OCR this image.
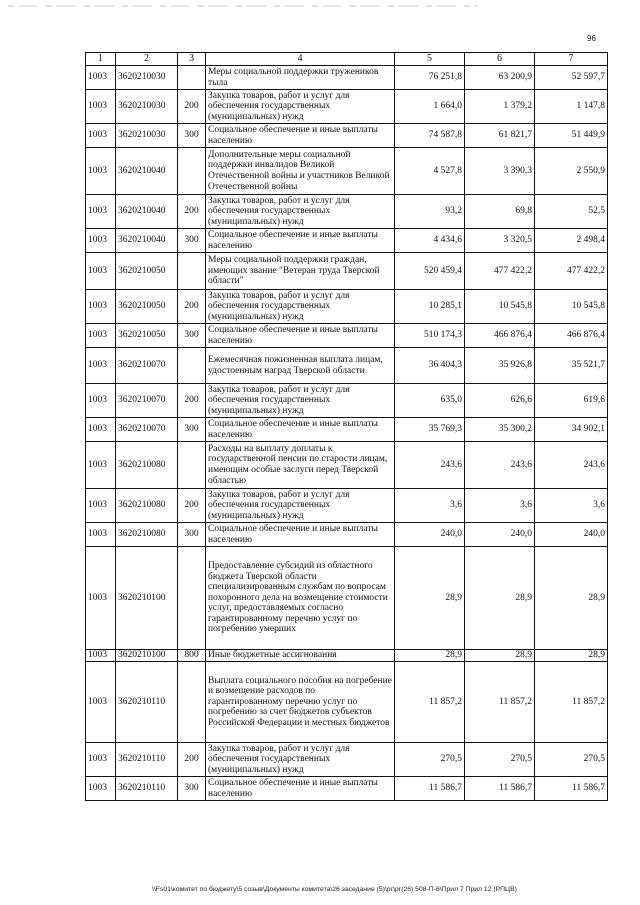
96
1	2	3	4	5	6	7
1003	3620210030		Меры социальной поддержки тружеников тыла	76 251,8	63 200,9	52 597,7
1003	3620210030	200	Закупка товаров, работ и услуг для обеспечения государственных (муниципальных) нужд	1 664,0	1 379,2	1 147,8
1003	3620210030	300	Социальное обеспечение и иные выплаты населению	74 587,8	61 821,7	51 449,9
1003	3620210040		Дополнительные меры социальной поддержки инвалидов Великой Отечественной войны и участников Великой Отечественной войны	4 527,8	3 390,3	2 550,9
1003	3620210040	200	Закупка товаров, работ и услуг для обеспечения государственных (муниципальных) нужд	93,2	69,8	52,5
1003	3620210040	300	Социальное обеспечение и иные выплаты населению	4 434,6	3 320,5	2 498,4
1003	3620210050		Меры социальной поддержки граждан, имеющих звание "Ветеран труда Тверской области"	520 459,4	477 422,2	477 422,2
1003	3620210050	200	Закупка товаров, работ и услуг для обеспечения государственных (муниципальных) нужд	10 285,1	10 545,8	10 545,8
1003	3620210050	300	Социальное обеспечение и иные выплаты населению	510 174,3	466 876,4	466 876,4
1003	3620210070		Ежемесячная пожизненная выплата лицам, удостоенным наград Тверской области	36 404,3	35 926,8	35 521,7
1003	3620210070	200	Закупка товаров, работ и услуг для обеспечения государственных (муниципальных) нужд	635,0	626,6	619,6
1003	3620210070	300	Социальное обеспечение и иные выплаты населению	35 769,3	35 300,2	34 902,1
1003	3620210080		Расходы на выплату доплаты к государственной пенсии по старости лицам, имеющим особые заслуги перед Тверской областью	243,6	243,6	243,6
1003	3620210080	200	Закупка товаров, работ и услуг для обеспечения государственных (муниципальных) нужд	3,6	3,6	3,6
1003	3620210080	300	Социальное обеспечение и иные выплаты населению	240,0	240,0	240,0
1003	3620210100		Предоставление субсидий из областного бюджета Тверской области специализированным службам по вопросам похоронного дела на возмещение стоимости услуг, предоставляемых согласно гарантированному перечню услуг по погребению умерших	28,9	28,9	28,9
1003	3620210100	800	Иные бюджетные ассигнования	28,9	28,9	28,9
1003	3620210110		Выплата социального пособия на погребение и возмещение расходов по гарантированному перечню услуг по погребению за счет бюджетов субъектов Российской Федерации и местных бюджетов	11 857,2	11 857,2	11 857,2
1003	3620210110	200	Закупка товаров, работ и услуг для обеспечения государственных (муниципальных) нужд	270,5	270,5	270,5
1003	3620210110	300	Социальное обеспечение и иные выплаты населению	11 586,7	11 586,7	11 586,7
\\Fs01\комитет по бюджету\5 созыв\Документы комитета\26 заседание (5)\рг\рг(26) 508-П-6\Прил 7 Прил 12 (РПЦВ)
